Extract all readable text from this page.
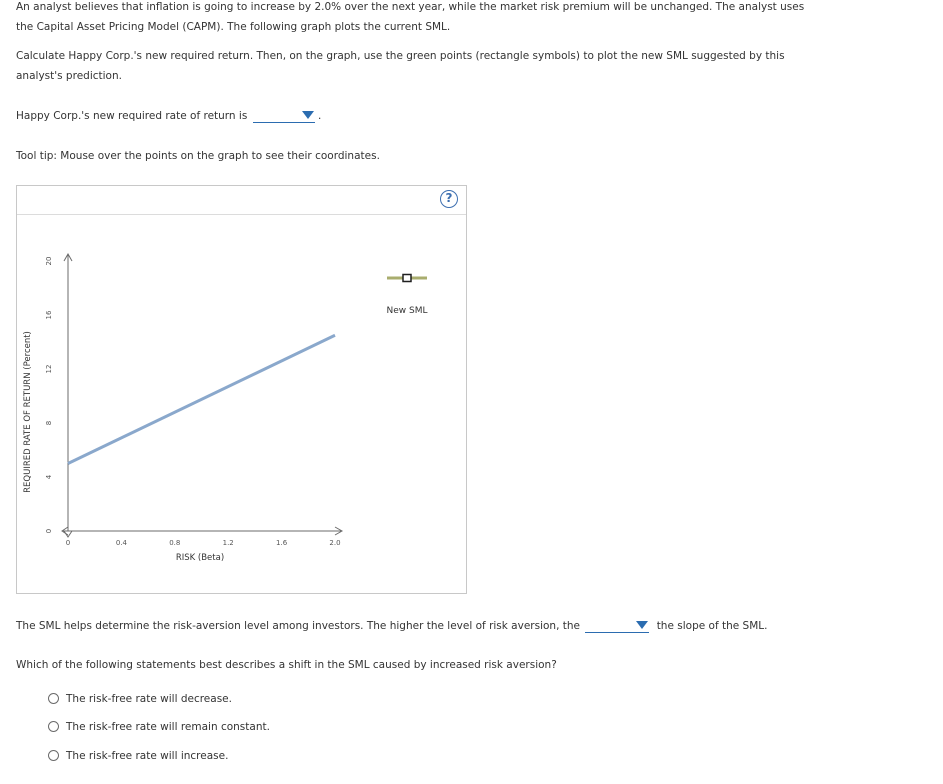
An analyst believes that inflation is going to increase by 2.0% over the next year, while the market risk premium will be unchanged. The analyst uses
the Capital Asset Pricing Model (CAPM). The following graph plots the current SML.
Calculate Happy Corp.'s new required return. Then, on the graph, use the green points (rectangle symbols) to plot the new SML suggested by this
analyst's prediction.
Happy Corp.'s new required rate of return is	.
Tool tip: Mouse over the points on the graph to see their coordinates.
?
REQUIRED RATE OF RETURN (Percent)
0
4
8
12
16
20
0	0.4	0.8	1.2	1.6	2.0
RISK (Beta)
New SML
The SML helps determine the risk-aversion level among investors. The higher the level of risk aversion, the	the slope of the SML.
Which of the following statements best describes a shift in the SML caused by increased risk aversion?
The risk-free rate will decrease.
The risk-free rate will remain constant.
The risk-free rate will increase.
